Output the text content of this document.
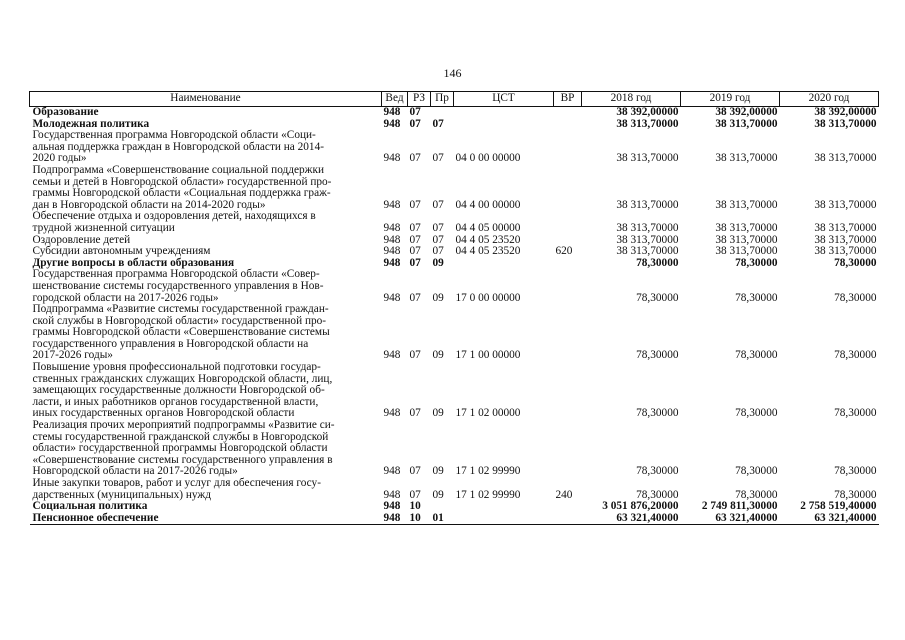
146
Наименование	Вед	РЗ	Пр	ЦСТ	ВР	2018 год	2019 год	2020 год

Образование	948	07				38 392,00000	38 392,00000	38 392,00000

Молодежная политика	948	07	07			38 313,70000	38 313,70000	38 313,70000

Государственная программа Новгородской области «Соци-
альная поддержка граждан в Новгородской области на 2014-
2020 годы»	948	07	07	04 0 00 00000		38 313,70000	38 313,70000	38 313,70000

Подпрограмма «Совершенствование социальной поддержки
семьи и детей в Новгородской области» государственной про-
граммы Новгородской области «Социальная поддержка граж-
дан в Новгородской области на 2014-2020 годы»	948	07	07	04 4 00 00000		38 313,70000	38 313,70000	38 313,70000

Обеспечение отдыха и оздоровления детей, находящихся в
трудной жизненной ситуации	948	07	07	04 4 05 00000		38 313,70000	38 313,70000	38 313,70000

Оздоровление детей	948	07	07	04 4 05 23520		38 313,70000	38 313,70000	38 313,70000

Субсидии автономным учреждениям	948	07	07	04 4 05 23520	620	38 313,70000	38 313,70000	38 313,70000

Другие вопросы в области образования	948	07	09			78,30000	78,30000	78,30000

Государственная программа Новгородской области «Совер-
шенствование системы государственного управления в Нов-
городской области на 2017-2026 годы»	948	07	09	17 0 00 00000		78,30000	78,30000	78,30000

Подпрограмма «Развитие системы государственной граждан-
ской службы в Новгородской области» государственной про-
граммы Новгородской области «Совершенствование системы
государственного управления в Новгородской области на
2017-2026 годы»	948	07	09	17 1 00 00000		78,30000	78,30000	78,30000

Повышение уровня профессиональной подготовки государ-
ственных гражданских служащих Новгородской области, лиц,
замещающих государственные должности Новгородской об-
ласти, и иных работников органов государственной власти,
иных государственных органов Новгородской области	948	07	09	17 1 02 00000		78,30000	78,30000	78,30000

Реализация прочих мероприятий подпрограммы «Развитие си-
стемы государственной гражданской службы в Новгородской
области» государственной программы Новгородской области
«Совершенствование системы государственного управления в
Новгородской области на 2017-2026 годы»	948	07	09	17 1 02 99990		78,30000	78,30000	78,30000

Иные закупки товаров, работ и услуг для обеспечения госу-
дарственных (муниципальных) нужд	948	07	09	17 1 02 99990	240	78,30000	78,30000	78,30000

Социальная политика	948	10				3 051 876,20000	2 749 811,30000	2 758 519,40000

Пенсионное обеспечение	948	10	01			63 321,40000	63 321,40000	63 321,40000
